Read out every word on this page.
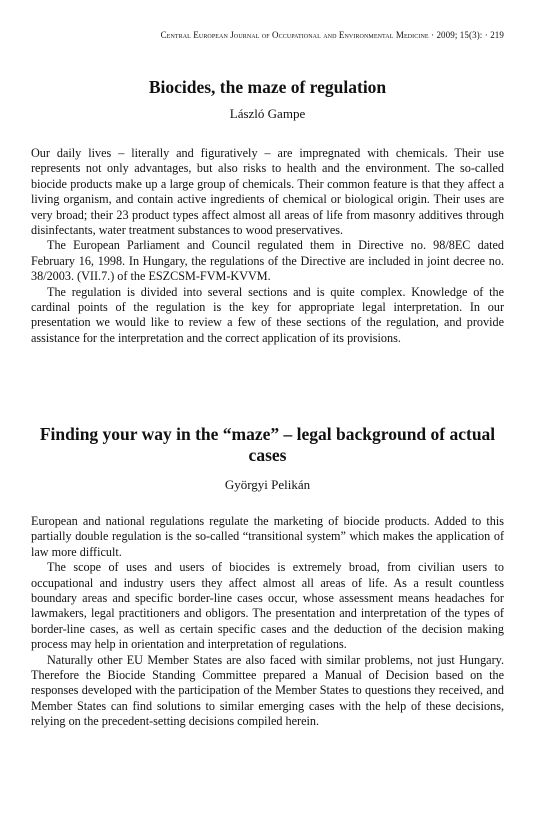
Central European Journal of Occupational and Environmental Medicine · 2009; 15(3): · 219
Biocides, the maze of regulation
László Gampe

Our daily lives – literally and figuratively – are impregnated with chemicals. Their use represents not only advantages, but also risks to health and the environment. The so-called biocide products make up a large group of chemicals. Their common feature is that they affect a living organism, and contain active ingredients of chemical or biological origin. Their uses are very broad; their 23 product types affect almost all areas of life from masonry additives through disinfectants, water treatment substances to wood preservatives.

The European Parliament and Council regulated them in Directive no. 98/8EC dated February 16, 1998. In Hungary, the regulations of the Directive are included in joint decree no. 38/2003. (VII.7.) of the ESZCSM-FVM-KVVM.

The regulation is divided into several sections and is quite complex. Knowledge of the cardinal points of the regulation is the key for appropriate legal interpretation. In our presentation we would like to review a few of these sections of the regulation, and provide assistance for the interpretation and the correct application of its provisions.

Finding your way in the “maze” – legal background of actual cases
Györgyi Pelikán

European and national regulations regulate the marketing of biocide products. Added to this partially double regulation is the so-called “transitional system” which makes the application of law more difficult.

The scope of uses and users of biocides is extremely broad, from civilian users to occupational and industry users they affect almost all areas of life. As a result countless boundary areas and specific border-line cases occur, whose assessment means headaches for lawmakers, legal practitioners and obligors. The presentation and interpretation of the types of border-line cases, as well as certain specific cases and the deduction of the decision making process may help in orientation and interpretation of regulations.

Naturally other EU Member States are also faced with similar problems, not just Hungary. Therefore the Biocide Standing Committee prepared a Manual of Decision based on the responses developed with the participation of the Member States to questions they received, and Member States can find solutions to similar emerging cases with the help of these decisions, relying on the precedent-setting decisions compiled herein.
